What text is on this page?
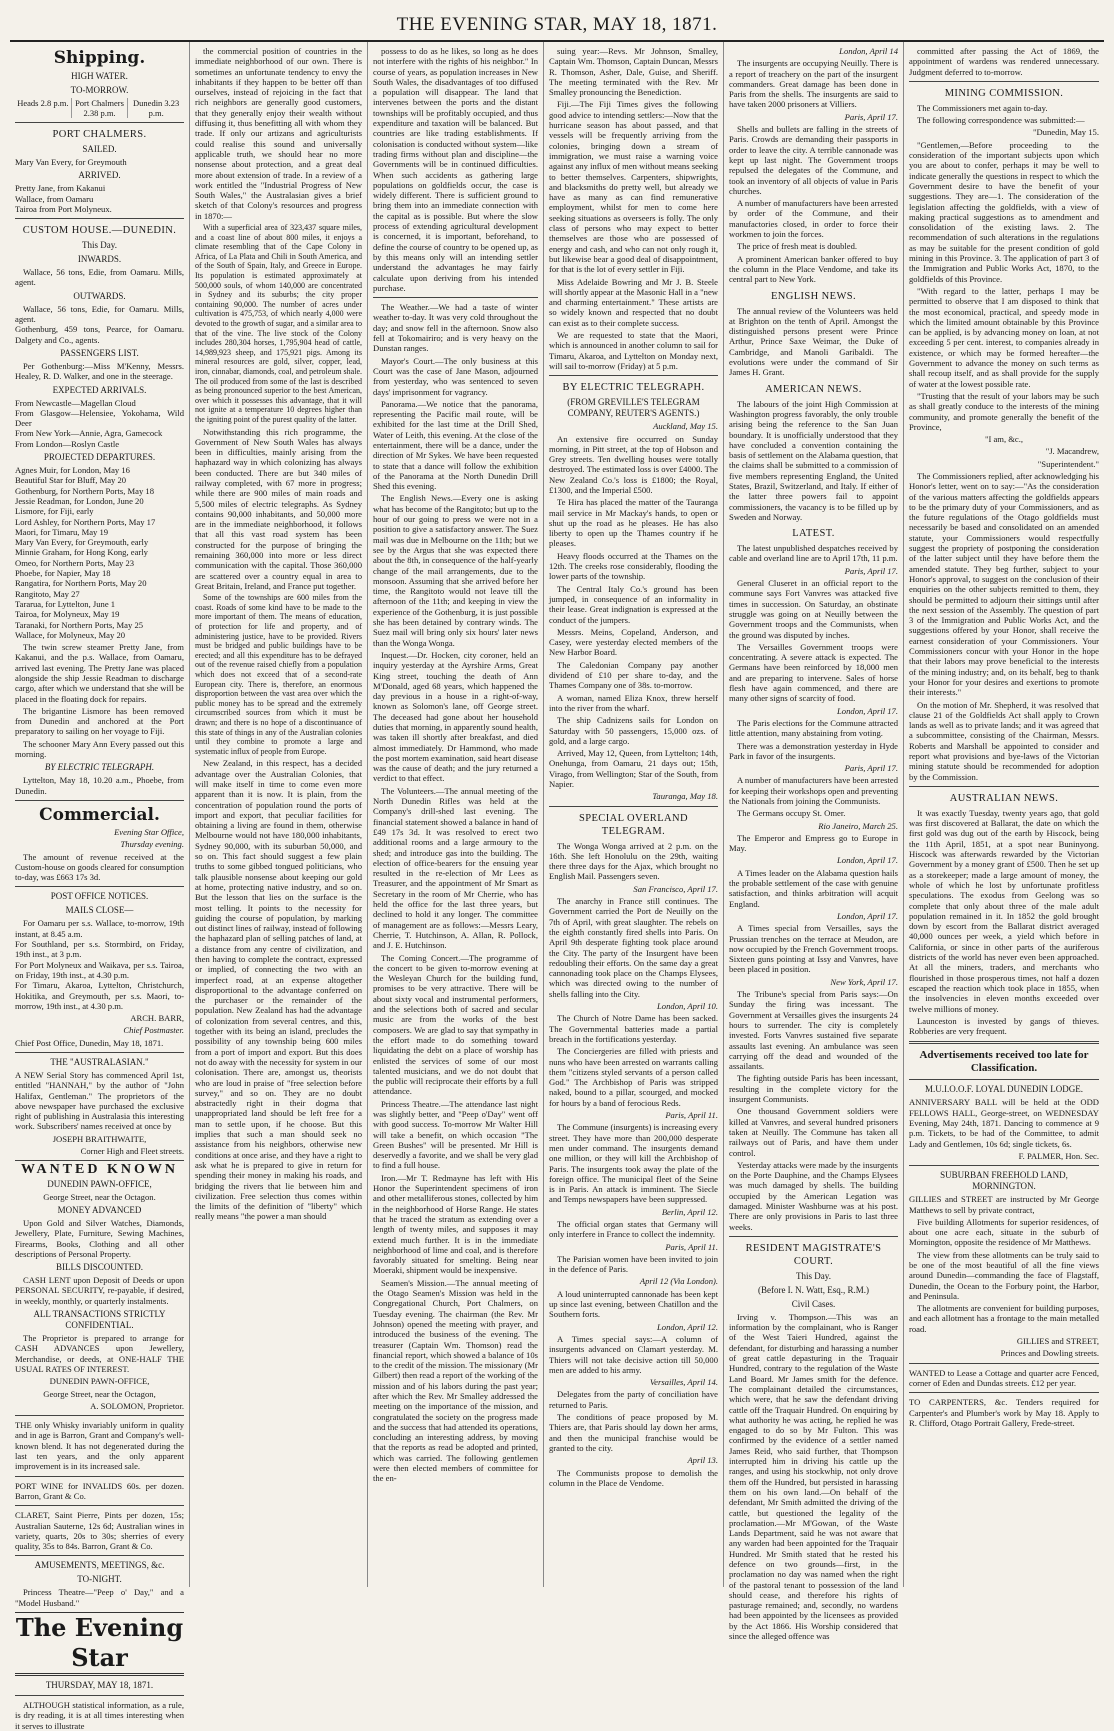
THE EVENING STAR, MAY 18, 1871.
Shipping.
HIGH WATER.
TO-MORROW.
Heads 2.8 p.m. Port Chalmers 2.38 p.m.
Dunedin 3.23 p.m.
PORT CHALMERS.
SAILED.

Mary Van Every, for Greymouth

ARRIVED.

Pretty Jane, from Kakanui
Wallace, from Oamaru
Tairoa from Port Molyneux.

CUSTOM HOUSE.—DUNEDIN.
This Day.
INWARDS.

Wallace, 56 tons, Edie, from Oamaru. Mills, agent.

OUTWARDS.

Wallace, 56 tons, Edie, for Oamaru. Mills, agent.
Gothenburg, 459 tons, Pearce, for Oamaru. Dalgety and Co., agents.

PASSENGERS LIST.

Per Gothenburg:—Miss M'Kenny, Messrs. Healey, R. D. Walker, and one in the steerage.

EXPECTED ARRIVALS.

From Newcastle—Magellan Cloud
From Glasgow—Helensiee, Yokohama, Wild Deer
From New York—Annie, Agra, Gamecock
From London—Roslyn Castle

PROJECTED DEPARTURES.

Agnes Muir, for London, May 16
Beautiful Star for Bluff, May 20
Gothenburg, for Northern Ports, May 18
Jessie Readman, for London, June 20
Lismore, for Fiji, early
Lord Ashley, for Northern Ports, May 17
Maori, for Timaru, May 19
Mary Van Every, for Greymouth, early
Minnie Graham, for Hong Kong, early
Omeo, for Northern Ports, May 23
Phoebe, for Napier, May 18
Rangatira, for Northern Ports, May 20
Rangitoto, May 27
Tararua, for Lyttelton, June 1
Tairoa, for Molyneux, May 19
Taranaki, for Northern Ports, May 25
Wallace, for Molyneux, May 20

The twin screw steamer Pretty Jane, from Kakanui, and the p.s. Wallace, from Oamaru, arrived last evening. The Pretty Jane was placed alongside the ship Jessie Readman to discharge cargo, after which we understand that she will be placed in the floating dock for repairs.

The brigantine Lismore has been removed from Dunedin and anchored at the Port preparatory to sailing on her voyage to Fiji.

The schooner Mary Ann Every passed out this morning.

BY ELECTRIC TELEGRAPH.

Lyttelton, May 18, 10.20 a.m., Phoebe, from Dunedin.

Commercial.

Evening Star Office,

Thursday evening.

The amount of revenue received at the Custom-house on goods cleared for consumption to-day, was £663 17s 3d.

POST OFFICE NOTICES.
MAILS CLOSE—

For Oamaru per s.s. Wallace, to-morrow, 19th instant, at 8.45 a.m.
For Southland, per s.s. Stormbird, on Friday, 19th inst., at 3 p.m.
For Port Molyneux and Waikava, per s.s. Tairoa, on Friday, 19th inst., at 4.30 p.m.
For Timaru, Akaroa, Lyttelton, Christchurch, Hokitika, and Greymouth, per s.s. Maori, to-morrow, 19th inst., at 4.30 p.m.

ARCH. BARR,

Chief Postmaster.

Chief Post Office, Dunedin, May 18, 1871.

THE "AUSTRALASIAN."

A NEW Serial Story has commenced April 1st, entitled "HANNAH," by the author of "John Halifax, Gentleman." The proprietors of the above newspaper have purchased the exclusive right of publishing in Australasia this interesting work. Subscribers' names received at once by

JOSEPH BRAITHWAITE,

Corner High and Fleet streets.

WANTED KNOWN
DUNEDIN PAWN-OFFICE,

George Street, near the Octagon.

MONEY ADVANCED

Upon Gold and Silver Watches, Diamonds, Jewellery, Plate, Furniture, Sewing Machines, Firearms, Books, Clothing and all other descriptions of Personal Property.

BILLS DISCOUNTED.

CASH LENT upon Deposit of Deeds or upon PERSONAL SECURITY, re-payable, if desired, in weekly, monthly, or quarterly instalments.

ALL TRANSACTIONS STRICTLY CONFIDENTIAL.

The Proprietor is prepared to arrange for CASH ADVANCES upon Jewellery, Merchandise, or deeds, at ONE-HALF THE USUAL RATES OF INTEREST.

DUNEDIN PAWN-OFFICE,

George Street, near the Octagon,

A. SOLOMON, Proprietor.

THE only Whisky invariably uniform in quality and in age is Barron, Grant and Company's well-known blend. It has not degenerated during the last ten years, and the only apparent improvement is in its increased sale.

PORT WINE for INVALIDS 60s. per dozen. Barron, Grant & Co.

CLARET, Saint Pierre, Pints per dozen, 15s; Australian Sauterne, 12s 6d; Australian wines in variety, quarts, 20s to 30s; sherries of every quality, 35s to 84s. Barron, Grant & Co.

AMUSEMENTS, MEETINGS, &c.
TO-NIGHT.

Princess Theatre—"Peep o' Day," and a "Model Husband."

The Evening Star
THURSDAY, MAY 18, 1871.

ALTHOUGH statistical information, as a rule, is dry reading, it is at all times interesting when it serves to illustrate

the commercial position of countries in the immediate neighborhood of our own. There is sometimes an unfortunate tendency to envy the inhabitants if they happen to be better off than ourselves, instead of rejoicing in the fact that rich neighbors are generally good customers, that they generally enjoy their wealth without diffusing it, thus benefitting all with whom they trade. If only our artizans and agriculturists could realise this sound and universally applicable truth, we should hear no more nonsense about protection, and a great deal more about extension of trade. In a review of a work entitled the "Industrial Progress of New South Wales," the Australasian gives a brief sketch of that Colony's resources and progress in 1870:—

With a superficial area of 323,437 square miles, and a coast line of about 800 miles, it enjoys a climate resembling that of the Cape Colony in Africa, of La Plata and Chili in South America, and of the South of Spain, Italy, and Greece in Europe. Its population is estimated approximately at 500,000 souls, of whom 140,000 are concentrated in Sydney and its suburbs; the city proper containing 90,000. The number of acres under cultivation is 475,753, of which nearly 4,000 were devoted to the growth of sugar, and a similar area to that of the vine. The live stock of the Colony includes 280,304 horses, 1,795,904 head of cattle, 14,989,923 sheep, and 175,921 pigs. Among its mineral resources are gold, silver, copper, lead, iron, cinnabar, diamonds, coal, and petroleum shale. The oil produced from some of the last is described as being pronounced superior to the best American, over which it possesses this advantage, that it will not ignite at a temperature 10 degrees higher than the igniting point of the purest quality of the latter.

Notwithstanding this rich programme, the Government of New South Wales has always been in difficulties, mainly arising from the haphazard way in which colonizing has always been conducted. There are but 340 miles of railway completed, with 67 more in progress; while there are 900 miles of main roads and 5,500 miles of electric telegraphs. As Sydney contains 90,000 inhabitants, and 50,000 more are in the immediate neighborhood, it follows that all this vast road system has been constructed for the purpose of bringing the remaining 360,000 into more or less direct communication with the capital. Those 360,000 are scattered over a country equal in area to Great Britain, Ireland, and France put together.

Some of the townships are 600 miles from the coast. Roads of some kind have to be made to the more important of them. The means of education, of protection for life and property, and of administering justice, have to be provided. Rivers must be bridged and public buildings have to be erected; and all this expenditure has to be defrayed out of the revenue raised chiefly from a population which does not exceed that of a second-rate European city. There is, therefore, an enormous disproportion between the vast area over which the public money has to be spread and the extremely circumscribed sources from which it must be drawn; and there is no hope of a discontinuance of this state of things in any of the Australian colonies until they combine to promote a large and systematic influx of people from Europe.

New Zealand, in this respect, has a decided advantage over the Australian Colonies, that will make itself in time to come even more apparent than it is now. It is plain, from the concentration of population round the ports of import and export, that peculiar facilities for obtaining a living are found in them, otherwise Melbourne would not have 180,000 inhabitants, Sydney 90,000, with its suburban 50,000, and so on. This fact should suggest a few plain truths to some gibbed tongued politicians, who talk plausible nonsense about keeping our gold at home, protecting native industry, and so on. But the lesson that lies on the surface is the most telling. It points to the necessity for guiding the course of population, by marking out distinct lines of railway, instead of following the haphazard plan of selling patches of land, at a distance from any centre of civilization, and then having to complete the contract, expressed or implied, of connecting the two with an imperfect road, at an expense altogether disproportional to the advantage conferred on the purchaser or the remainder of the population. New Zealand has had the advantage of colonization from several centres, and this, together with its being an island, precludes the possibility of any township being 600 miles from a port of import and export. But this does not do away with the necessity for system in our colonisation. There are, amongst us, theorists who are loud in praise of "free selection before survey," and so on. They are no doubt abstractedly right in their dogma that unappropriated land should be left free for a man to settle upon, if he choose. But this implies that such a man should seek no assistance from his neighbors, otherwise new conditions at once arise, and they have a right to ask what he is prepared to give in return for spending their money in making his roads, and bridging the rivers that lie between him and civilization. Free selection thus comes within the limits of the definition of "liberty" which really means "the power a man should

possess to do as he likes, so long as he does not interfere with the rights of his neighbor." In course of years, as population increases in New South Wales, the disadvantages of too diffused a population will disappear. The land that intervenes between the ports and the distant townships will be profitably occupied, and thus expenditure and taxation will be balanced. But countries are like trading establishments. If colonisation is conducted without system—like trading firms without plan and discipline—the Governments will be in continued difficulties. When such accidents as gathering large populations on goldfields occur, the case is widely different. There is sufficient ground to bring them into an immediate connection with the capital as is possible. But where the slow process of extending agricultural development is concerned, it is important, beforehand, to define the course of country to be opened up, as by this means only will an intending settler understand the advantages he may fairly calculate upon deriving from his intended purchase.

The Weather.—We had a taste of winter weather to-day. It was very cold throughout the day; and snow fell in the afternoon. Snow also fell at Tokomairiro; and is very heavy on the Dunstan ranges.

Mayor's Court.—The only business at this Court was the case of Jane Mason, adjourned from yesterday, who was sentenced to seven days' imprisonment for vagrancy.

Panorama.—We notice that the panorama, representing the Pacific mail route, will be exhibited for the last time at the Drill Shed, Water of Leith, this evening. At the close of the entertainment, there will be a dance, under the direction of Mr Sykes. We have been requested to state that a dance will follow the exhibition of the Panorama at the North Dunedin Drill Shed this evening.

The English News.—Every one is asking what has become of the Rangitoto; but up to the hour of our going to press we were not in a position to give a satisfactory answer. The Suez mail was due in Melbourne on the 11th; but we see by the Argus that she was expected there about the 8th, in consequence of the half-yearly change of the mail arrangements, due to the monsoon. Assuming that she arrived before her time, the Rangitoto would not leave till the afternoon of the 11th; and keeping in view the experience of the Gothenburg, it is just possible she has been detained by contrary winds. The Suez mail will bring only six hours' later news than the Wonga Wonga.

Inquest.—Dr. Hocken, city coroner, held an inquiry yesterday at the Ayrshire Arms, Great King street, touching the death of Ann M'Donald, aged 68 years, which happened the day previous in a house in a right-of-way, known as Solomon's lane, off George street. The deceased had gone about her household duties that morning, in apparently sound health, was taken ill shortly after breakfast, and died almost immediately. Dr Hammond, who made the post mortem examination, said heart disease was the cause of death; and the jury returned a verdict to that effect.

The Volunteers.—The annual meeting of the North Dunedin Rifles was held at the Company's drill-shed last evening. The financial statement showed a balance in hand of £49 17s 3d. It was resolved to erect two additional rooms and a large armoury to the shed; and introduce gas into the building. The election of office-bearers for the ensuing year resulted in the re-election of Mr Lees as Treasurer, and the appointment of Mr Smart as Secretary in the room of Mr Cherrie, who has held the office for the last three years, but declined to hold it any longer. The committee of management are as follows:—Messrs Leary, Cherrie, T. Hutchinson, A. Allan, R. Pollock, and J. E. Hutchinson.

The Coming Concert.—The programme of the concert to be given to-morrow evening at the Wesleyan Church for the building fund, promises to be very attractive. There will be about sixty vocal and instrumental performers, and the selections both of sacred and secular music are from the works of the best composers. We are glad to say that sympathy in the effort made to do something toward liquidating the debt on a place of worship has enlisted the services of some of our most talented musicians, and we do not doubt that the public will reciprocate their efforts by a full attendance.

Princess Theatre.—The attendance last night was slightly better, and "Peep o'Day" went off with good success. To-morrow Mr Walter Hill will take a benefit, on which occasion "The Green Bushes" will be presented. Mr Hill is deservedly a favorite, and we shall be very glad to find a full house.

Iron.—Mr T. Redmayne has left with His Honor the Superintendent specimens of iron and other metalliferous stones, collected by him in the neighborhood of Horse Range. He states that he traced the stratum as extending over a length of twenty miles, and supposes it may extend much further. It is in the immediate neighborhood of lime and coal, and is therefore favorably situated for smelting. Being near Moeraki, shipment would be inexpensive.

Seamen's Mission.—The annual meeting of the Otago Seamen's Mission was held in the Congregational Church, Port Chalmers, on Tuesday evening. The chairman (the Rev. Mr Johnson) opened the meeting with prayer, and introduced the business of the evening. The treasurer (Captain Wm. Thomson) read the financial report, which showed a balance of 10s to the credit of the mission. The missionary (Mr Gilbert) then read a report of the working of the mission and of his labors during the past year; after which the Rev. Mr Smalley addressed the meeting on the importance of the mission, and congratulated the society on the progress made and the success that had attended its operations, concluding an interesting address, by moving that the reports as read be adopted and printed, which was carried. The following gentlemen were then elected members of committee for the en-

suing year:—Revs. Mr Johnson, Smalley, Captain Wm. Thomson, Captain Duncan, Messrs R. Thomson, Asher, Dale, Guise, and Sheriff. The meeting terminated with the Rev. Mr Smalley pronouncing the Benediction.

Fiji.—The Fiji Times gives the following good advice to intending settlers:—Now that the hurricane season has about passed, and that vessels will be frequently arriving from the colonies, bringing down a stream of immigration, we must raise a warning voice against any influx of men without means seeking to better themselves. Carpenters, shipwrights, and blacksmiths do pretty well, but already we have as many as can find remunerative employment, whilst for men to come here seeking situations as overseers is folly. The only class of persons who may expect to better themselves are those who are possessed of energy and cash, and who can not only rough it, but likewise bear a good deal of disappointment, for that is the lot of every settler in Fiji.

Miss Adelaide Bowring and Mr J. B. Steele will shortly appear at the Masonic Hall in a "new and charming entertainment." These artists are so widely known and respected that no doubt can exist as to their complete success.

We are requested to state that the Maori, which is announced in another column to sail for Timaru, Akaroa, and Lyttelton on Monday next, will sail to-morrow (Friday) at 5 p.m.

BY ELECTRIC TELEGRAPH.
(FROM GREVILLE'S TELEGRAM COMPANY, REUTER'S AGENTS.)

Auckland, May 15.

An extensive fire occurred on Sunday morning, in Pitt street, at the top of Hobson and Grey streets. Ten dwelling houses were totally destroyed. The estimated loss is over £4000. The New Zealand Co.'s loss is £1800; the Royal, £1300, and the Imperial £500.

Te Hira has placed the matter of the Tauranga mail service in Mr Mackay's hands, to open or shut up the road as he pleases. He has also liberty to open up the Thames country if he pleases.

Heavy floods occurred at the Thames on the 12th. The creeks rose considerably, flooding the lower parts of the township.

The Central Italy Co.'s ground has been jumped, in consequence of an informality in their lease. Great indignation is expressed at the conduct of the jumpers.

Messrs. Meins, Copeland, Anderson, and Casey, were yesterday elected members of the New Harbor Board.

The Caledonian Company pay another dividend of £10 per share to-day, and the Thames Company one of 38s. to-morrow.

A woman, named Eliza Knox, threw herself into the river from the wharf.

The ship Cadnizens sails for London on Saturday with 50 passengers, 15,000 ozs. of gold, and a large cargo.

Arrived, May 12, Queen, from Lyttelton; 14th, Onehunga, from Oamaru, 21 days out; 15th, Virago, from Wellington; Star of the South, from Napier.

Tauranga, May 18.

SPECIAL OVERLAND TELEGRAM.

The Wonga Wonga arrived at 2 p.m. on the 16th. She left Honolulu on the 29th, waiting there three days for the Ajax, which brought no English Mail. Passengers seven.

San Francisco, April 17.

The anarchy in France still continues. The Government carried the Port de Neuilly on the 7th of April, with great slaughter. The rebels on the eighth constantly fired shells into Paris. On April 9th desperate fighting took place around the City. The party of the Insurgent have been redoubling their efforts. On the same day a great cannonading took place on the Champs Elysees, which was directed owing to the number of shells falling into the City.

London, April 10.

The Church of Notre Dame has been sacked. The Governmental batteries made a partial breach in the fortifications yesterday.

The Conciergeries are filled with priests and nuns who have been arrested on warrants calling them "citizens styled servants of a person called God." The Archbishop of Paris was stripped naked, bound to a pillar, scourged, and mocked for hours by a band of ferocious Reds.

Paris, April 11.

The Commune (insurgents) is increasing every street. They have more than 200,000 desperate men under command. The insurgents demand one million, or they will kill the Archbishop of Paris. The insurgents took away the plate of the foreign office. The municipal fleet of the Seine is in Paris. An attack is imminent. The Siecle and Temps newspapers have been suppressed.

Berlin, April 12.

The official organ states that Germany will only interfere in France to collect the indemnity.

Paris, April 11.

The Parisian women have been invited to join in the defence of Paris.

April 12 (Via London).

A loud uninterrupted cannonade has been kept up since last evening, between Chatillon and the Southern forts.

London, April 12.

A Times special says:—A column of insurgents advanced on Clamart yesterday. M. Thiers will not take decisive action till 50,000 men are added to his army.

Versailles, April 14.

Delegates from the party of conciliation have returned to Paris.

The conditions of peace proposed by M. Thiers are, that Paris should lay down her arms, and then the municipal franchise would be granted to the city.

April 13.

The Communists propose to demolish the column in the Place de Vendome.

London, April 14

The insurgents are occupying Neuilly. There is a report of treachery on the part of the insurgent commanders. Great damage has been done in Paris from the shells. The insurgents are said to have taken 2000 prisoners at Villiers.

Paris, April 17.

Shells and bullets are falling in the streets of Paris. Crowds are demanding their passports in order to leave the city. A terrible cannonade was kept up last night. The Government troops repulsed the delegates of the Commune, and took an inventory of all objects of value in Paris churches.

A number of manufacturers have been arrested by order of the Commune, and their manufactories closed, in order to force their workmen to join the forces.

The price of fresh meat is doubled.

A prominent American banker offered to buy the column in the Place Vendome, and take its central part to New York.

ENGLISH NEWS.

The annual review of the Volunteers was held at Brighton on the tenth of April. Amongst the distinguished persons present were Prince Arthur, Prince Saxe Weimar, the Duke of Cambridge, and Manoli Garibaldi. The evolutions were under the command of Sir James H. Grant.

AMERICAN NEWS.

The labours of the joint High Commission at Washington progress favorably, the only trouble arising being the reference to the San Juan boundary. It is unofficially understood that they have concluded a convention containing the basis of settlement on the Alabama question, that the claims shall be submitted to a commission of five members representing England, the United States, Brazil, Switzerland, and Italy. If either of the latter three powers fail to appoint commissioners, the vacancy is to be filled up by Sweden and Norway.

LATEST.

The latest unpublished despatches received by cable and overland line are to April 17th, 11 p.m.

Paris, April 17.

General Cluseret in an official report to the commune says Fort Vanvres was attacked five times in succession. On Saturday, an obstinate struggle was going on at Neuilly between the Government troops and the Communists, when the ground was disputed by inches.

The Versailles Government troops were concentrating. A severe attack is expected. The Germans have been reinforced by 18,000 men and are preparing to intervene. Sales of horse flesh have again commenced, and there are many other signs of scarcity of food.

London, April 17.

The Paris elections for the Commune attracted little attention, many abstaining from voting.

There was a demonstration yesterday in Hyde Park in favor of the insurgents.

Paris, April 17.

A number of manufacturers have been arrested for keeping their workshops open and preventing the Nationals from joining the Communists.

The Germans occupy St. Omer.

Rio Janeiro, March 25.

The Emperor and Empress go to Europe in May.

London, April 17.

A Times leader on the Alabama question hails the probable settlement of the case with genuine satisfaction, and thinks arbitration will acquit England.

London, April 17.

A Times special from Versailles, says the Prussian trenches on the terrace at Meudon, are now occupied by the French Government troops. Sixteen guns pointing at Issy and Vanvres, have been placed in position.

New York, April 17.

The Tribune's special from Paris says:—On Sunday the firing was incessant. The Government at Versailles gives the insurgents 24 hours to surrender. The city is completely invested. Forts Vanvres sustained five separate assaults last evening. An ambulance was seen carrying off the dead and wounded of the assailants.

The fighting outside Paris has been incessant, resulting in the complete victory for the insurgent Communists.

One thousand Government soldiers were killed at Vanvres, and several hundred prisoners taken at Neuilly. The Commune has taken all railways out of Paris, and have them under control.

Yesterday attacks were made by the insurgents on the Porte Dauphine, and the Champs Elysees was much damaged by shells. The building occupied by the American Legation was damaged. Minister Washburne was at his post. There are only provisions in Paris to last three weeks.

RESIDENT MAGISTRATE'S COURT.
This Day.
(Before I. N. Watt, Esq., R.M.)
Civil Cases.

Irving v. Thompson.—This was an information by the complainant, who is Ranger of the West Taieri Hundred, against the defendant, for disturbing and harassing a number of great cattle depasturing in the Traquair Hundred, contrary to the regulation of the Waste Land Board. Mr James smith for the defence. The complainant detailed the circumstances, which were, that he saw the defendant driving cattle off the Traquair Hundred. On enquiring by what authority he was acting, he replied he was engaged to do so by Mr Fulton. This was confirmed by the evidence of a settler named James Reid, who said further, that Thompson interrupted him in driving his cattle up the ranges, and using his stockwhip, not only drove them off the Hundred, but persisted in harassing them on his own land.—On behalf of the defendant, Mr Smith admitted the driving of the cattle, but questioned the legality of the proclamation.—Mr M'Gowan, of the Waste Lands Department, said he was not aware that any warden had been appointed for the Traquair Hundred. Mr Smith stated that he rested his defence on two grounds—first, in the proclamation no day was named when the right of the pastoral tenant to possession of the land should cease, and therefore his rights of pasturage remained; and, secondly, no wardens had been appointed by the licensees as provided by the Act 1866. His Worship considered that since the alleged offence was

committed after passing the Act of 1869, the appointment of wardens was rendered unnecessary. Judgment deferred to to-morrow.

MINING COMMISSION.

The Commissioners met again to-day.

The following correspondence was submitted:—

"Dunedin, May 15.

"Gentlemen,—Before proceeding to the consideration of the important subjects upon which you are about to confer, perhaps it may be well to indicate generally the questions in respect to which the Government desire to have the benefit of your suggestions. They are—1. The consideration of the legislation affecting the goldfields, with a view of making practical suggestions as to amendment and consolidation of the existing laws. 2. The recommendation of such alterations in the regulations as may be suitable for the present condition of gold mining in this Province. 3. The application of part 3 of the Immigration and Public Works Act, 1870, to the goldfields of this Province.

"With regard to the latter, perhaps I may be permitted to observe that I am disposed to think that the most economical, practical, and speedy mode in which the limited amount obtainable by this Province can be applied, is by advancing money on loan, at not exceeding 5 per cent. interest, to companies already in existence, or which may be formed hereafter—the Government to advance the money on such terms as shall recoup itself, and as shall provide for the supply of water at the lowest possible rate.

"Trusting that the result of your labors may be such as shall greatly conduce to the interests of the mining community, and promote generally the benefit of the Province,

"I am, &c.,

"J. Macandrew,

"Superintendent."

The Commissioners replied, after acknowledging his Honor's letter, went on to say:—"As the consideration of the various matters affecting the goldfields appears to be the primary duty of your Commissioners, and as the future regulations of the Otago goldfields must necessarily be based and consolidated on an amended statute, your Commissioners would respectfully suggest the propriety of postponing the consideration of the latter subject until they have before them the amended statute. They beg further, subject to your Honor's approval, to suggest on the conclusion of their enquiries on the other subjects remitted to them, they should be permitted to adjourn their sittings until after the next session of the Assembly. The question of part 3 of the Immigration and Public Works Act, and the suggestions offered by your Honor, shall receive the earnest consideration of your Commissioners. Your Commissioners concur with your Honor in the hope that their labors may prove beneficial to the interests of the mining industry; and, on its behalf, beg to thank your Honor for your desires and exertions to promote their interests."

On the motion of Mr. Shepherd, it was resolved that clause 21 of the Goldfields Act shall apply to Crown lands as well as to private lands; and it was agreed that a subcommittee, consisting of the Chairman, Messrs. Roberts and Marshall be appointed to consider and report what provisions and bye-laws of the Victorian mining statute should be recommended for adoption by the Commission.

AUSTRALIAN NEWS.

It was exactly Tuesday, twenty years ago, that gold was first discovered at Ballarat, the date on which the first gold was dug out of the earth by Hiscock, being the 11th April, 1851, at a spot near Buninyong. Hiscock was afterwards rewarded by the Victorian Government by a money grant of £500. Then he set up as a storekeeper; made a large amount of money, the whole of which he lost by unfortunate profitless speculations. The exodus from Geelong was so complete that only about three of the male adult population remained in it. In 1852 the gold brought down by escort from the Ballarat district averaged 40,000 ounces per week, a yield which before in California, or since in other parts of the auriferous districts of the world has never even been approached. At all the miners, traders, and merchants who flourished in those prosperous times, not half a dozen escaped the reaction which took place in 1855, when the insolvencies in eleven months exceeded over twelve millions of money.

Launceston is invested by gangs of thieves. Robberies are very frequent.

Advertisements received too late for Classification.
M.U.I.O.O.F. LOYAL DUNEDIN LODGE.

ANNIVERSARY BALL will be held at the ODD FELLOWS HALL, George-street, on WEDNESDAY Evening, May 24th, 1871. Dancing to commence at 9 p.m. Tickets, to be had of the Committee, to admit Lady and Gentlemen, 10s 6d; single tickets, 6s.

F. PALMER, Hon. Sec.

SUBURBAN FREEHOLD LAND, MORNINGTON.

GILLIES and STREET are instructed by Mr George Matthews to sell by private contract,

Five building Allotments for superior residences, of about one acre each, situate in the suburb of Mornington, opposite the residence of Mr Matthews.

The view from these allotments can be truly said to be one of the most beautiful of all the fine views around Dunedin—commanding the face of Flagstaff, Dunedin, the Ocean to the Forbury point, the Harbor, and Peninsula.

The allotments are convenient for building purposes, and each allotment has a frontage to the main metalled road.

GILLIES and STREET,

Princes and Dowling streets.

WANTED to Lease a Cottage and quarter acre Fenced, corner of Eden and Dundas streets. £12 per year.

TO CARPENTERS, &c. Tenders required for Carpenter's and Plumber's work by May 18. Apply to R. Clifford, Otago Portrait Gallery, Frede-street.
